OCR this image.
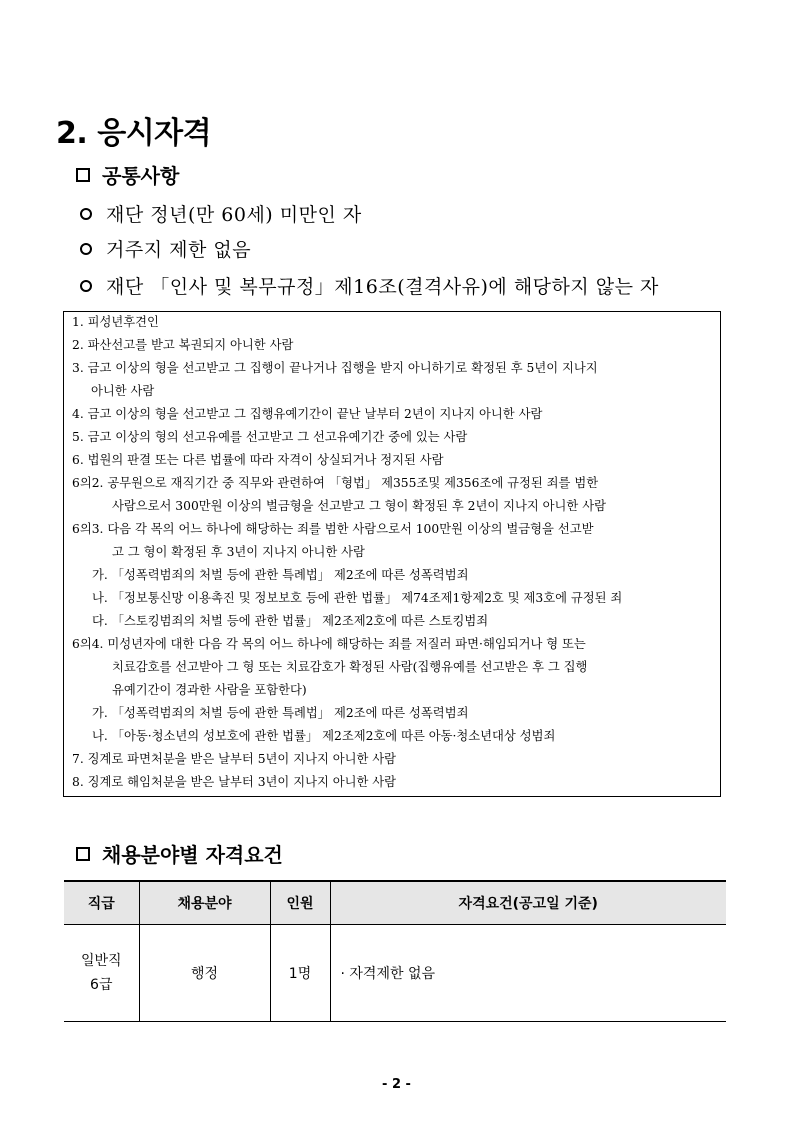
2. 응시자격
공통사항
재단 정년(만 60세) 미만인 자
거주지 제한 없음
재단 「인사 및 복무규정」제16조(결격사유)에 해당하지 않는 자
1. 피성년후견인
2. 파산선고를 받고 복권되지 아니한 사람
3. 금고 이상의 형을 선고받고 그 집행이 끝나거나 집행을 받지 아니하기로 확정된 후 5년이 지나지
아니한 사람
4. 금고 이상의 형을 선고받고 그 집행유예기간이 끝난 날부터 2년이 지나지 아니한 사람
5. 금고 이상의 형의 선고유예를 선고받고 그 선고유예기간 중에 있는 사람
6. 법원의 판결 또는 다른 법률에 따라 자격이 상실되거나 정지된 사람
6의2. 공무원으로 재직기간 중 직무와 관련하여 「형법」 제355조및 제356조에 규정된 죄를 범한
사람으로서 300만원 이상의 벌금형을 선고받고 그 형이 확정된 후 2년이 지나지 아니한 사람
6의3. 다음 각 목의 어느 하나에 해당하는 죄를 범한 사람으로서 100만원 이상의 벌금형을 선고받
고 그 형이 확정된 후 3년이 지나지 아니한 사람
가. 「성폭력범죄의 처벌 등에 관한 특례법」 제2조에 따른 성폭력범죄
나. 「정보통신망 이용촉진 및 정보보호 등에 관한 법률」 제74조제1항제2호 및 제3호에 규정된 죄
다. 「스토킹범죄의 처벌 등에 관한 법률」 제2조제2호에 따른 스토킹범죄
6의4. 미성년자에 대한 다음 각 목의 어느 하나에 해당하는 죄를 저질러 파면·해임되거나 형 또는
치료감호를 선고받아 그 형 또는 치료감호가 확정된 사람(집행유예를 선고받은 후 그 집행
유예기간이 경과한 사람을 포함한다)
가. 「성폭력범죄의 처벌 등에 관한 특례법」 제2조에 따른 성폭력범죄
나. 「아동·청소년의 성보호에 관한 법률」 제2조제2호에 따른 아동·청소년대상 성범죄
7. 징계로 파면처분을 받은 날부터 5년이 지나지 아니한 사람
8. 징계로 해임처분을 받은 날부터 3년이 지나지 아니한 사람
채용분야별 자격요건
직급	채용분야	인원	자격요건(공고일 기준)

일반직
6급	행정	1명	· 자격제한 없음
- 2 -
